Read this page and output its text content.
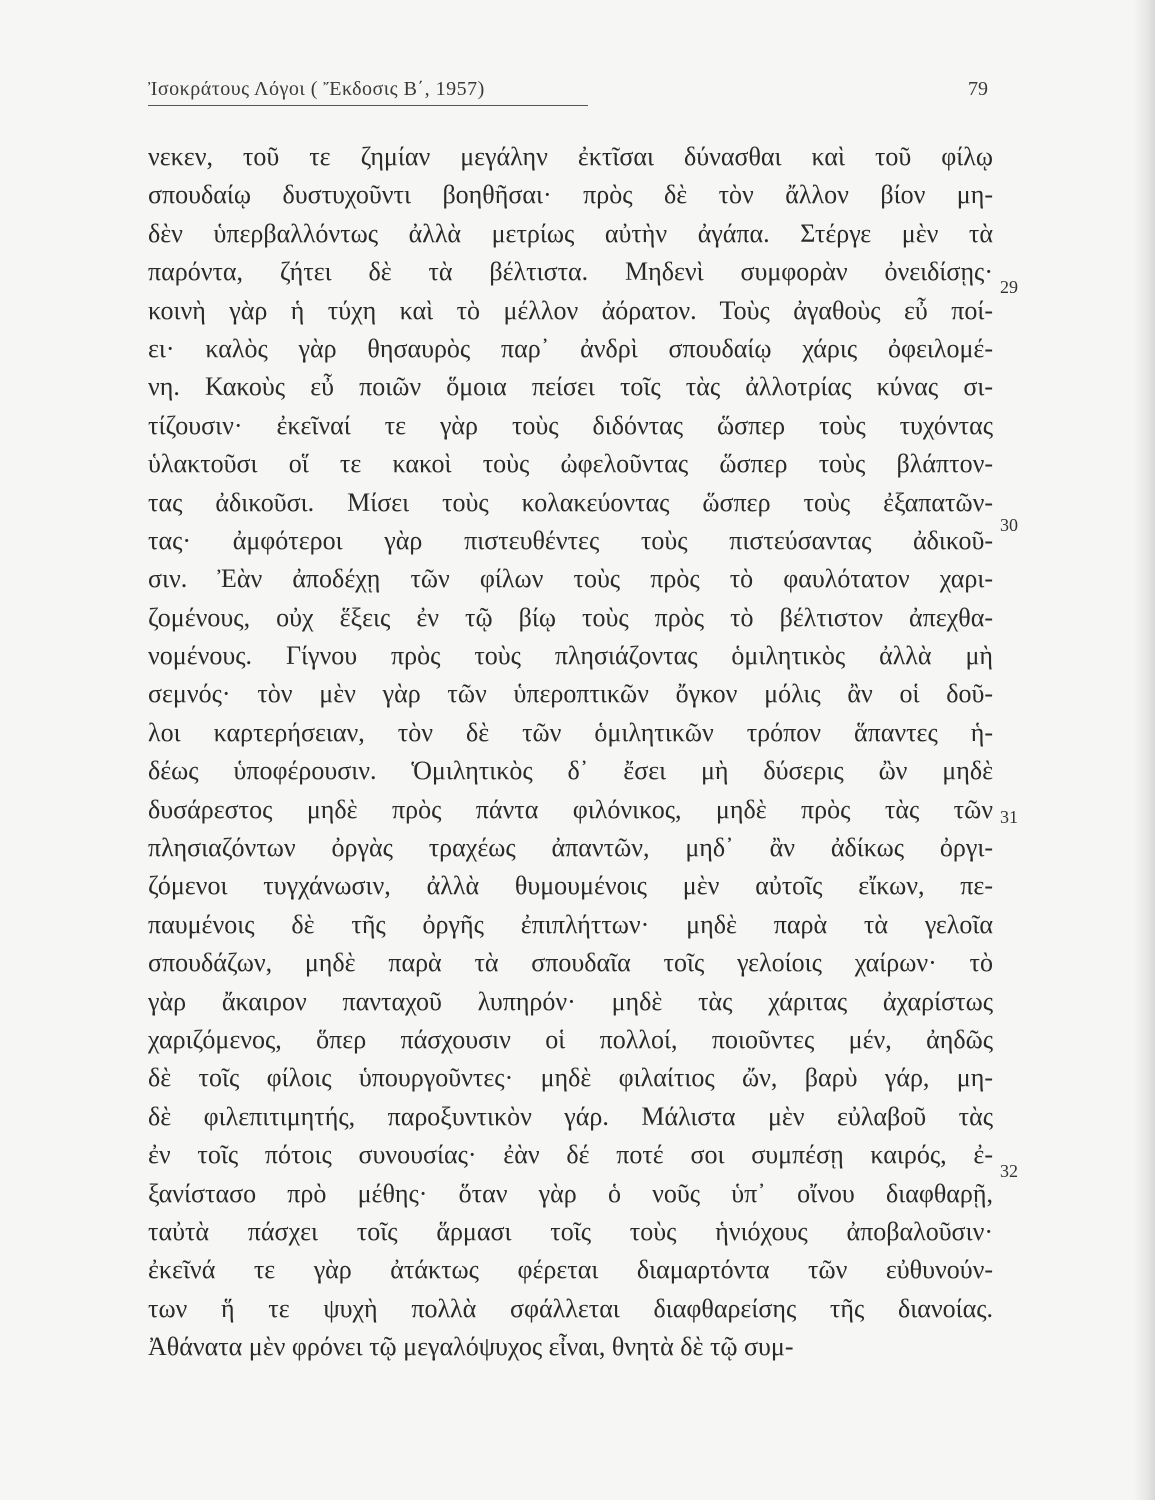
Ἰσοκράτους Λόγοι ( Ἔκδοσις Β΄, 1957)	79
νεκεν, τοῦ τε ζημίαν μεγάλην ἐκτῖσαι δύνασθαι καὶ τοῦ φίλῳ
σπουδαίῳ δυστυχοῦντι βοηθῆσαι· πρὸς δὲ τὸν ἄλλον βίον μη-
δὲν ὑπερβαλλόντως ἀλλὰ μετρίως αὐτὴν ἀγάπα. Στέργε μὲν τὰ
παρόντα, ζήτει δὲ τὰ βέλτιστα. Μηδενὶ συμφορὰν ὀνειδίσῃς·
κοινὴ γὰρ ἡ τύχη καὶ τὸ μέλλον ἀόρατον. Τοὺς ἀγαθοὺς εὖ ποί-
ει· καλὸς γὰρ θησαυρὸς παρ᾿ ἀνδρὶ σπουδαίῳ χάρις ὀφειλομέ-
νη. Κακοὺς εὖ ποιῶν ὅμοια πείσει τοῖς τὰς ἀλλοτρίας κύνας σι-
τίζουσιν· ἐκεῖναί τε γὰρ τοὺς διδόντας ὥσπερ τοὺς τυχόντας
ὑλακτοῦσι οἵ τε κακοὶ τοὺς ὠφελοῦντας ὥσπερ τοὺς βλάπτον-
τας ἀδικοῦσι. Μίσει τοὺς κολακεύοντας ὥσπερ τοὺς ἐξαπατῶν-
τας· ἀμφότεροι γὰρ πιστευθέντες τοὺς πιστεύσαντας ἀδικοῦ-
σιν. Ἐὰν ἀποδέχῃ τῶν φίλων τοὺς πρὸς τὸ φαυλότατον χαρι-
ζομένους, οὐχ ἕξεις ἐν τῷ βίῳ τοὺς πρὸς τὸ βέλτιστον ἀπεχθα-
νομένους. Γίγνου πρὸς τοὺς πλησιάζοντας ὁμιλητικὸς ἀλλὰ μὴ
σεμνός· τὸν μὲν γὰρ τῶν ὑπεροπτικῶν ὄγκον μόλις ἂν οἱ δοῦ-
λοι καρτερήσειαν, τὸν δὲ τῶν ὁμιλητικῶν τρόπον ἅπαντες ἡ-
δέως ὑποφέρουσιν. Ὁμιλητικὸς δ᾿ ἔσει μὴ δύσερις ὢν μηδὲ
δυσάρεστος μηδὲ πρὸς πάντα φιλόνικος, μηδὲ πρὸς τὰς τῶν
πλησιαζόντων ὀργὰς τραχέως ἀπαντῶν, μηδ᾿ ἂν ἀδίκως ὀργι-
ζόμενοι τυγχάνωσιν, ἀλλὰ θυμουμένοις μὲν αὐτοῖς εἴκων, πε-
παυμένοις δὲ τῆς ὀργῆς ἐπιπλήττων· μηδὲ παρὰ τὰ γελοῖα
σπουδάζων, μηδὲ παρὰ τὰ σπουδαῖα τοῖς γελοίοις χαίρων· τὸ
γὰρ ἄκαιρον πανταχοῦ λυπηρόν· μηδὲ τὰς χάριτας ἀχαρίστως
χαριζόμενος, ὅπερ πάσχουσιν οἱ πολλοί, ποιοῦντες μέν, ἀηδῶς
δὲ τοῖς φίλοις ὑπουργοῦντες· μηδὲ φιλαίτιος ὤν, βαρὺ γάρ, μη-
δὲ φιλεπιτιμητής, παροξυντικὸν γάρ. Μάλιστα μὲν εὐλαβοῦ τὰς
ἐν τοῖς πότοις συνουσίας· ἐὰν δέ ποτέ σοι συμπέσῃ καιρός, ἐ-
ξανίστασο πρὸ μέθης· ὅταν γὰρ ὁ νοῦς ὑπ᾿ οἴνου διαφθαρῇ,
ταὐτὰ πάσχει τοῖς ἅρμασι τοῖς τοὺς ἡνιόχους ἀποβαλοῦσιν·
ἐκεῖνά τε γὰρ ἀτάκτως φέρεται διαμαρτόντα τῶν εὐθυνούν-
των ἥ τε ψυχὴ πολλὰ σφάλλεται διαφθαρείσης τῆς διανοίας.
Ἀθάνατα μὲν φρόνει τῷ μεγαλόψυχος εἶναι, θνητὰ δὲ τῷ συμ-
29
30
31
32
